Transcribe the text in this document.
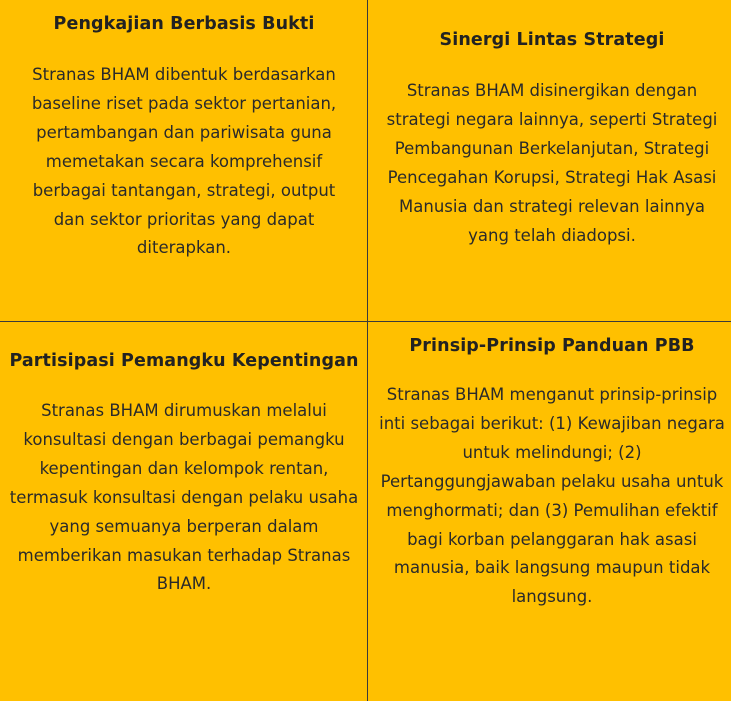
Pengkajian Berbasis Bukti

Stranas BHAM dibentuk berdasarkan baseline riset pada sektor pertanian, pertambangan dan pariwisata guna memetakan secara komprehensif berbagai tantangan, strategi, output dan sektor prioritas yang dapat diterapkan.

Sinergi Lintas Strategi

Stranas BHAM disinergikan dengan strategi negara lainnya, seperti Strategi Pembangunan Berkelanjutan, Strategi Pencegahan Korupsi, Strategi Hak Asasi Manusia dan strategi relevan lainnya yang telah diadopsi.

Partisipasi Pemangku Kepentingan

Stranas BHAM dirumuskan melalui konsultasi dengan berbagai pemangku kepentingan dan kelompok rentan, termasuk konsultasi dengan pelaku usaha yang semuanya berperan dalam memberikan masukan terhadap Stranas BHAM.

Prinsip-Prinsip Panduan PBB

Stranas BHAM menganut prinsip-prinsip inti sebagai berikut: (1) Kewajiban negara untuk melindungi; (2) Pertanggungjawaban pelaku usaha untuk menghormati; dan (3) Pemulihan efektif bagi korban pelanggaran hak asasi manusia, baik langsung maupun tidak langsung.
